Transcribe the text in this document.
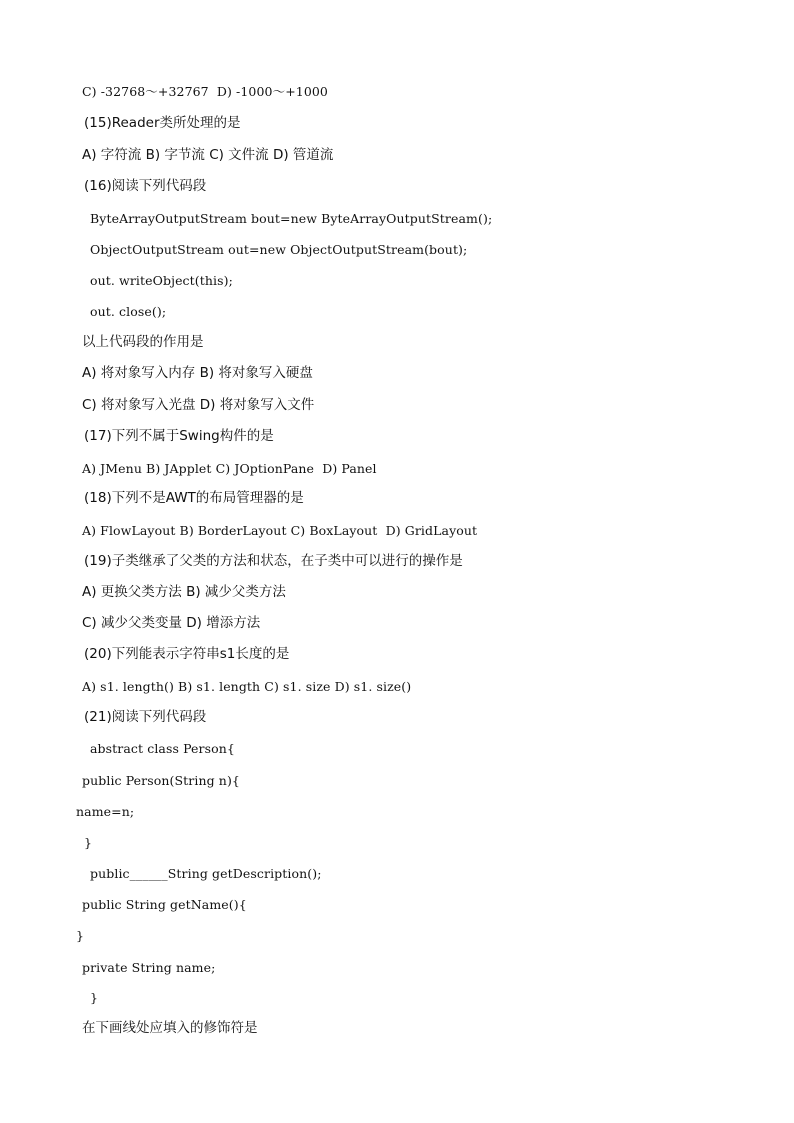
C) -32768～+32767  D) -1000～+1000
(15)Reader类所处理的是
A) 字符流 B) 字节流 C) 文件流 D) 管道流
(16)阅读下列代码段
ByteArrayOutputStream bout=new ByteArrayOutputStream();
ObjectOutputStream out=new ObjectOutputStream(bout);
out. writeObject(this);
out. close();
以上代码段的作用是
A) 将对象写入内存 B) 将对象写入硬盘
C) 将对象写入光盘 D) 将对象写入文件
(17)下列不属于Swing构件的是
A) JMenu B) JApplet C) JOptionPane  D) Panel
(18)下列不是AWT的布局管理器的是
A) FlowLayout B) BorderLayout C) BoxLayout  D) GridLayout
(19)子类继承了父类的方法和状态，在子类中可以进行的操作是
A) 更换父类方法 B) 减少父类方法
C) 减少父类变量 D) 增添方法
(20)下列能表示字符串s1长度的是
A) s1. length() B) s1. length C) s1. size D) s1. size()
(21)阅读下列代码段
abstract class Person{
public Person(String n){
name=n;
}
public______String getDescription();
public String getName(){
}
private String name;
}
在下画线处应填入的修饰符是
